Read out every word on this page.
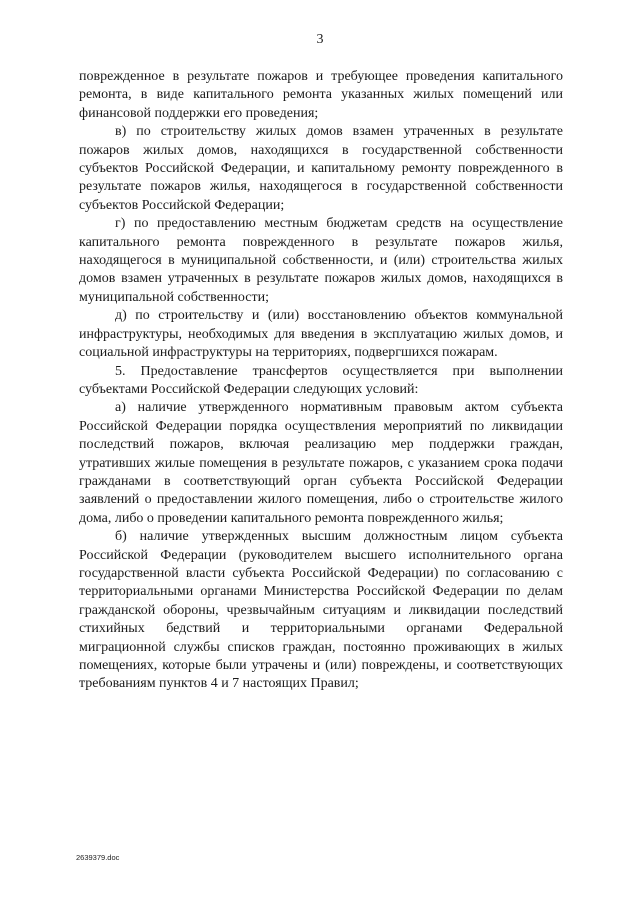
3

поврежденное в результате пожаров и требующее проведения капитального ремонта, в виде капитального ремонта указанных жилых помещений или финансовой поддержки его проведения;

в) по строительству жилых домов взамен утраченных в результате пожаров жилых домов, находящихся в государственной собственности субъектов Российской Федерации, и капитальному ремонту поврежденного в результате пожаров жилья, находящегося в государственной собственности субъектов Российской Федерации;

г) по предоставлению местным бюджетам средств на осуществление капитального ремонта поврежденного в результате пожаров жилья, находящегося в муниципальной собственности, и (или) строительства жилых домов взамен утраченных в результате пожаров жилых домов, находящихся в муниципальной собственности;

д) по строительству и (или) восстановлению объектов коммунальной инфраструктуры, необходимых для введения в эксплуатацию жилых домов, и социальной инфраструктуры на территориях, подвергшихся пожарам.

5. Предоставление трансфертов осуществляется при выполнении субъектами Российской Федерации следующих условий:

а) наличие утвержденного нормативным правовым актом субъекта Российской Федерации порядка осуществления мероприятий по ликвидации последствий пожаров, включая реализацию мер поддержки граждан, утративших жилые помещения в результате пожаров, с указанием срока подачи гражданами в соответствующий орган субъекта Российской Федерации заявлений о предоставлении жилого помещения, либо о строительстве жилого дома, либо о проведении капитального ремонта поврежденного жилья;

б) наличие утвержденных высшим должностным лицом субъекта Российской Федерации (руководителем высшего исполнительного органа государственной власти субъекта Российской Федерации) по согласованию с территориальными органами Министерства Российской Федерации по делам гражданской обороны, чрезвычайным ситуациям и ликвидации последствий стихийных бедствий и территориальными органами Федеральной миграционной службы списков граждан, постоянно проживающих в жилых помещениях, которые были утрачены и (или) повреждены, и соответствующих требованиям пунктов 4 и 7 настоящих Правил;

2639379.doc
